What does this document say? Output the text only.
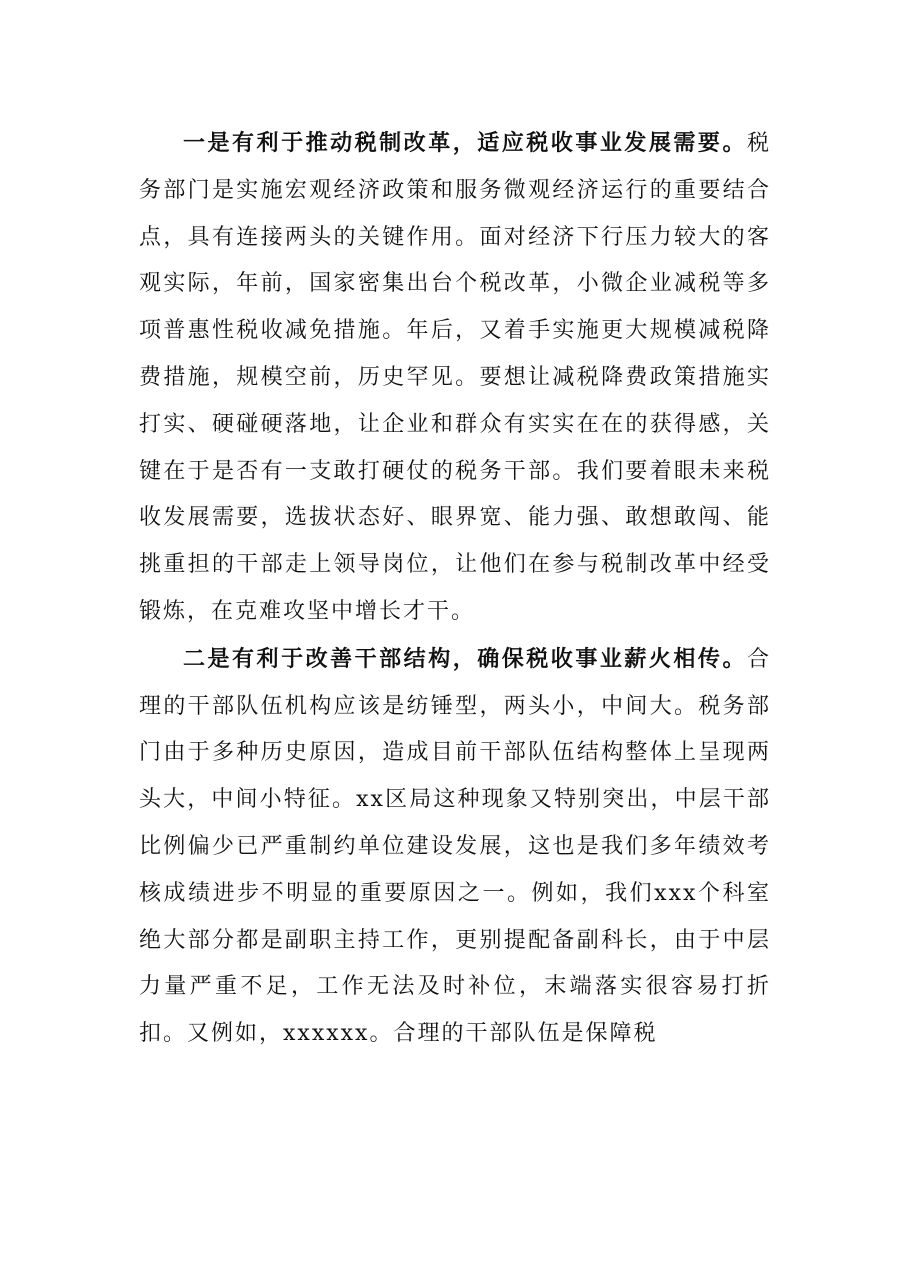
一是有利于推动税制改革，适应税收事业发展需要。税务部门是实施宏观经济政策和服务微观经济运行的重要结合点，具有连接两头的关键作用。面对经济下行压力较大的客观实际，年前，国家密集出台个税改革，小微企业减税等多项普惠性税收减免措施。年后，又着手实施更大规模减税降费措施，规模空前，历史罕见。要想让减税降费政策措施实打实、硬碰硬落地，让企业和群众有实实在在的获得感，关键在于是否有一支敢打硬仗的税务干部。我们要着眼未来税收发展需要，选拔状态好、眼界宽、能力强、敢想敢闯、能挑重担的干部走上领导岗位，让他们在参与税制改革中经受锻炼，在克难攻坚中增长才干。

二是有利于改善干部结构，确保税收事业薪火相传。合理的干部队伍机构应该是纺锤型，两头小，中间大。税务部门由于多种历史原因，造成目前干部队伍结构整体上呈现两头大，中间小特征。xx区局这种现象又特别突出，中层干部比例偏少已严重制约单位建设发展，这也是我们多年绩效考核成绩进步不明显的重要原因之一。例如，我们xxx个科室绝大部分都是副职主持工作，更别提配备副科长，由于中层力量严重不足，工作无法及时补位，末端落实很容易打折扣。又例如，xxxxxx。合理的干部队伍是保障税
